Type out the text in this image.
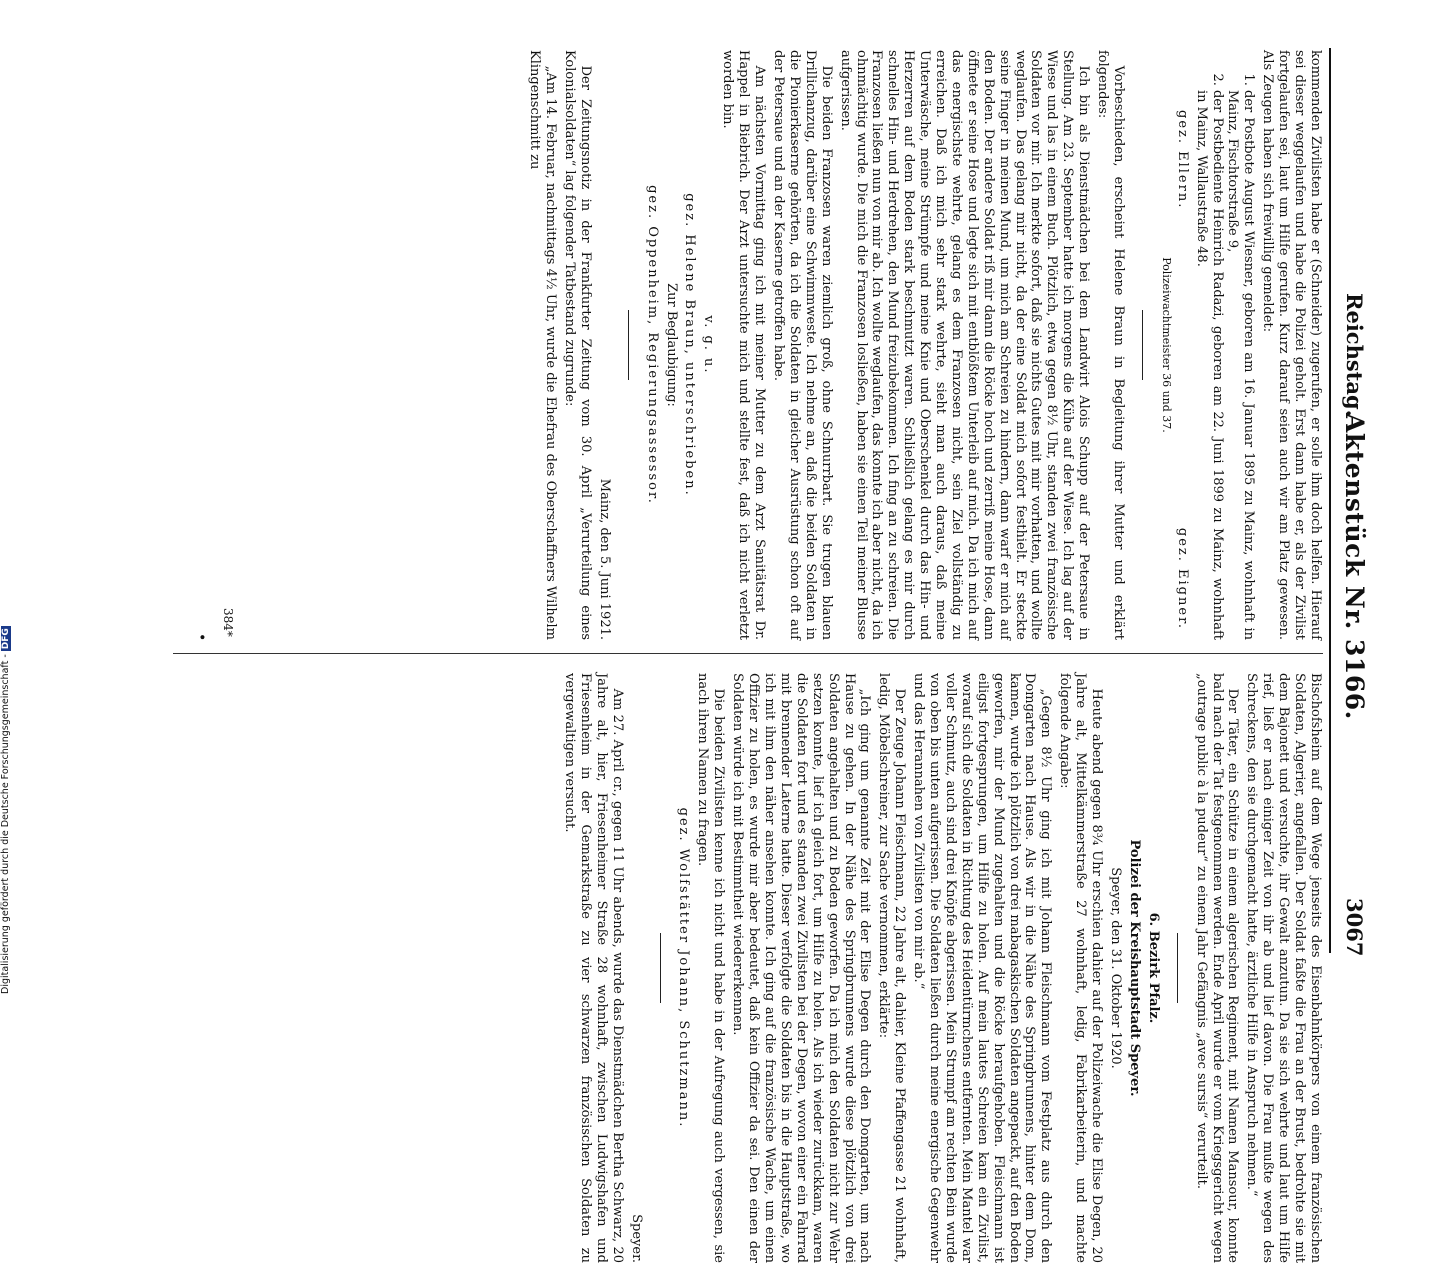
Reichstag.
Aktenstück Nr. 3166.
3067

kommenden Zivilisten habe er (Schneider) zugerufen, er solle ihm doch helfen. Hierauf sei dieser weggelaufen und habe die Polizei geholt. Erst dann habe er, als der Zivilist fortgelaufen sei, laut um Hilfe gerufen. Kurz darauf seien auch wir am Platz gewesen. Als Zeugen haben sich freiwillig gemeldet:

1. der Postbote August Wiesner, geboren am 16. Januar 1895 zu Mainz, wohnhaft in Mainz, Fischtorstraße 9,
2. der Postbediente Heinrich Radazi, geboren am 22. Juni 1899 zu Mainz, wohnhaft in Mainz, Wallaustraße 48.
gez. Ellern.
gez. Eigner.

Polizeiwachtmeister 36 und 37.

Vorbeschieden, erscheint Helene Braun in Begleitung ihrer Mutter und erklärt folgendes:

Ich bin als Dienstmädchen bei dem Landwirt Alois Schupp auf der Petersaue in Stellung. Am 23. September hatte ich morgens die Kühe auf der Wiese. Ich lag auf der Wiese und las in einem Buch. Plötzlich, etwa gegen 8½ Uhr, standen zwei französische Soldaten vor mir. Ich merkte sofort, daß sie nichts Gutes mit mir vorhatten, und wollte weglaufen. Das gelang mir nicht, da der eine Soldat mich sofort festhielt. Er steckte seine Finger in meinen Mund, um mich am Schreien zu hindern, dann warf er mich auf den Boden. Der andere Soldat riß mir dann die Röcke hoch und zerriß meine Hose, dann öffnete er seine Hose und legte sich mit entblößtem Unterleib auf mich. Da ich mich auf das energischste wehrte, gelang es dem Franzosen nicht, sein Ziel vollständig zu erreichen. Daß ich mich sehr stark wehrte, sieht man auch daraus, daß meine Unterwäsche, meine Strümpfe und meine Knie und Oberschenkel durch das Hin- und Herzerren auf dem Boden stark beschmutzt waren. Schließlich gelang es mir durch schnelles Hin- und Herdrehen, den Mund freizubekommen. Ich fing an zu schreien. Die Franzosen ließen nun von mir ab. Ich wollte weglaufen, das konnte ich aber nicht, da ich ohnmächtig wurde. Die mich die Franzosen losließen, haben sie einen Teil meiner Blusse aufgerissen.

Die beiden Franzosen waren ziemlich groß, ohne Schnurrbart. Sie trugen blauen Drillichanzug, darüber eine Schwimmweste. Ich nehme an, daß die beiden Soldaten in die Pionierkaserne gehörten, da ich die Soldaten in gleicher Ausrüstung schon oft auf der Petersaue und an der Kaserne getroffen habe.

Am nächsten Vormittag ging ich mit meiner Mutter zu dem Arzt Sanitätsrat Dr. Happel in Biebrich. Der Arzt untersuchte mich und stellte fest, daß ich nicht verletzt worden bin.

v. g. u.

gez. Helene Braun, unterschrieben.

Zur Beglaubigung:

gez. Oppenheim, Regierungsassessor.

Mainz, den 5. Juni 1921.

Der Zeitungsnotiz in der Frankfurter Zeitung vom 30. April „Verurteilung eines Kolonialsoldaten“ lag folgender Tatbestand zugrunde:

„Am 14. Februar, nachmittags 4½ Uhr, wurde die Ehefrau des Oberschaffners Wilhelm Klingenschmitt zu

Bischofsheim auf dem Wege jenseits des Eisenbahnkörpers von einem französischen Soldaten, Algerier, angefallen. Der Soldat faßte die Frau an der Brust, bedrohte sie mit dem Bajonett und versuchte, ihr Gewalt anzutun. Da sie sich wehrte und laut um Hilfe rief, ließ er nach einiger Zeit von ihr ab und lief davon. Die Frau mußte wegen des Schreckens, den sie durchgemacht hatte, ärztliche Hilfe in Anspruch nehmen.“

Der Täter, ein Schütze in einem algerischen Regiment, mit Namen Mansour, konnte bald nach der Tat festgenommen werden. Ende April wurde er vom Kriegsgericht wegen „outrage public à la pudeur“ zu einem Jahr Gefängnis „avec sursis“ verurteilt.

6. Bezirk Pfalz.

Polizei der Kreishauptstadt Speyer.

Speyer, den 31. Oktober 1920.

Heute abend gegen 8¾ Uhr erschien dahier auf der Polizeiwache die Elise Degen, 20 Jahre alt, Mittelkämmerstraße 27 wohnhaft, ledig, Fabrikarbeiterin, und machte folgende Angabe:

„Gegen 8½ Uhr ging ich mit Johann Fleischmann vom Festplatz aus durch den Domgarten nach Hause. Als wir in die Nähe des Springbrunnens, hinter dem Dom, kamen, wurde ich plötzlich von drei mabagaskischen Soldaten angepackt, auf den Boden geworfen, mir der Mund zugehalten und die Röcke heraufgehoben. Fleischmann ist eiligst fortgesprungen, um Hilfe zu holen. Auf mein lautes Schreien kam ein Zivilist, worauf sich die Soldaten in Richtung des Heidentürmchens entfernten. Mein Mantel war voller Schmutz, auch sind drei Knöpfe abgerissen. Mein Strumpf am rechten Bein wurde von oben bis unten aufgerissen. Die Soldaten ließen durch meine energische Gegenwehr und das Herannahen von Zivilisten von mir ab.“

Der Zeuge Johann Fleischmann, 22 Jahre alt, dahier, Kleine Pfaffengasse 21 wohnhaft, ledig, Möbelschreiner, zur Sache vernommen, erklärte:

„Ich ging um genannte Zeit mit der Elise Degen durch den Domgarten, um nach Hause zu gehen. In der Nähe des Springbrunnens wurde diese plötzlich von drei Soldaten angehalten und zu Boden geworfen. Da ich mich den Soldaten nicht zur Wehr setzen konnte, lief ich gleich fort, um Hilfe zu holen. Als ich wieder zurückkam, waren die Soldaten fort und es standen zwei Zivilisten bei der Degen, wovon einer ein Fahrrad mit brennender Laterne hatte. Dieser verfolgte die Soldaten bis in die Hauptstraße, wo ich mit ihm den näher ansehen konnte. Ich ging auf die französische Wache, um einen Offizier zu holen, es wurde mir aber bedeutet, daß kein Offizier da sei. Den einen der Soldaten würde ich mit Bestimmtheit wiedererkennen.

Die beiden Zivilisten kenne ich nicht und habe in der Aufregung auch vergessen, sie nach ihren Namen zu fragen.

gez. Wolfstätter Johann, Schutzmann.

Speyer.

Am 27. April cr., gegen 11 Uhr abends, wurde das Dienstmädchen Bertha Schwarz, 20 Jahre alt, hier, Friesenheimer Straße 28 wohnhaft, zwischen Ludwigshafen und Friesenheim in der Gemarkstraße zu vier schwarzen französischen Soldaten zu vergewaltigen versucht.

384*
•
Digitalisierung gefördert durch die Deutsche Forschungsgemeinschaft -DFG
